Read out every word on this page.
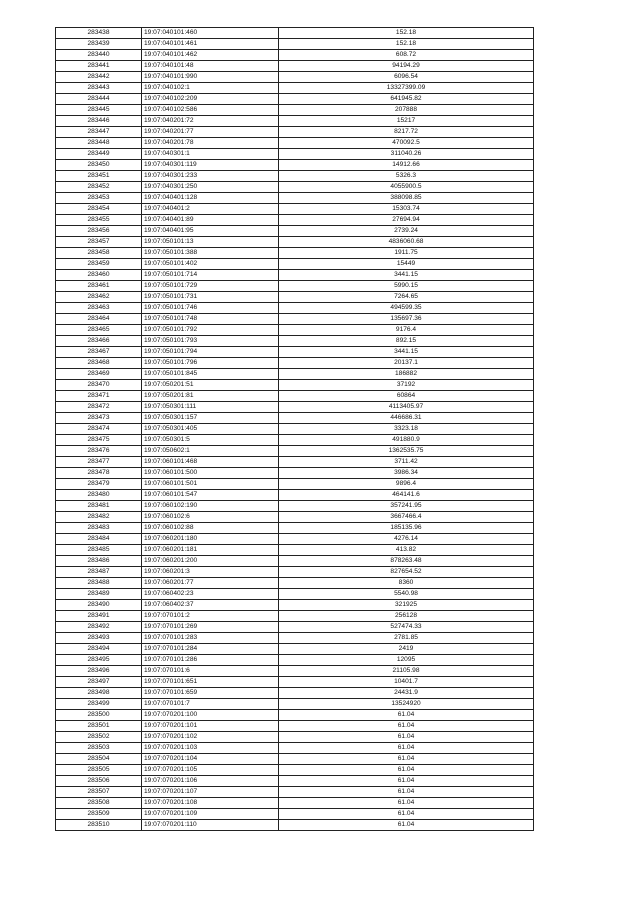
283438	19:07:040101:460	152.18
283439	19:07:040101:461	152.18
283440	19:07:040101:462	608.72
283441	19:07:040101:48	94194.29
283442	19:07:040101:990	6096.54
283443	19:07:040102:1	13327399.09
283444	19:07:040102:209	641945.82
283445	19:07:040102:586	207888
283446	19:07:040201:72	15217
283447	19:07:040201:77	8217.72
283448	19:07:040201:78	470092.5
283449	19:07:040301:1	311040.26
283450	19:07:040301:119	14912.66
283451	19:07:040301:233	5326.3
283452	19:07:040301:250	4055900.5
283453	19:07:040401:128	388098.85
283454	19:07:040401:2	15303.74
283455	19:07:040401:89	27694.94
283456	19:07:040401:95	2739.24
283457	19:07:050101:13	4836060.68
283458	19:07:050101:388	1911.75
283459	19:07:050101:402	15449
283460	19:07:050101:714	3441.15
283461	19:07:050101:729	5990.15
283462	19:07:050101:731	7264.65
283463	19:07:050101:746	494599.35
283464	19:07:050101:748	135697.36
283465	19:07:050101:792	9176.4
283466	19:07:050101:793	892.15
283467	19:07:050101:794	3441.15
283468	19:07:050101:796	20137.1
283469	19:07:050101:845	186882
283470	19:07:050201:51	37192
283471	19:07:050201:81	60864
283472	19:07:050301:111	4113405.97
283473	19:07:050301:157	446686.31
283474	19:07:050301:405	3323.18
283475	19:07:050301:5	491880.9
283476	19:07:050602:1	1362535.75
283477	19:07:060101:468	3711.42
283478	19:07:060101:500	3986.34
283479	19:07:060101:501	9896.4
283480	19:07:060101:547	464141.6
283481	19:07:060102:190	357241.95
283482	19:07:060102:6	3667466.4
283483	19:07:060102:88	185135.96
283484	19:07:060201:180	4276.14
283485	19:07:060201:181	413.82
283486	19:07:060201:200	878263.48
283487	19:07:060201:3	827654.52
283488	19:07:060201:77	8360
283489	19:07:060402:23	5540.98
283490	19:07:060402:37	321925
283491	19:07:070101:2	256128
283492	19:07:070101:269	527474.33
283493	19:07:070101:283	2781.85
283494	19:07:070101:284	2419
283495	19:07:070101:286	12095
283496	19:07:070101:6	21105.98
283497	19:07:070101:651	10401.7
283498	19:07:070101:659	24431.9
283499	19:07:070101:7	13524920
283500	19:07:070201:100	61.04
283501	19:07:070201:101	61.04
283502	19:07:070201:102	61.04
283503	19:07:070201:103	61.04
283504	19:07:070201:104	61.04
283505	19:07:070201:105	61.04
283506	19:07:070201:106	61.04
283507	19:07:070201:107	61.04
283508	19:07:070201:108	61.04
283509	19:07:070201:109	61.04
283510	19:07:070201:110	61.04
